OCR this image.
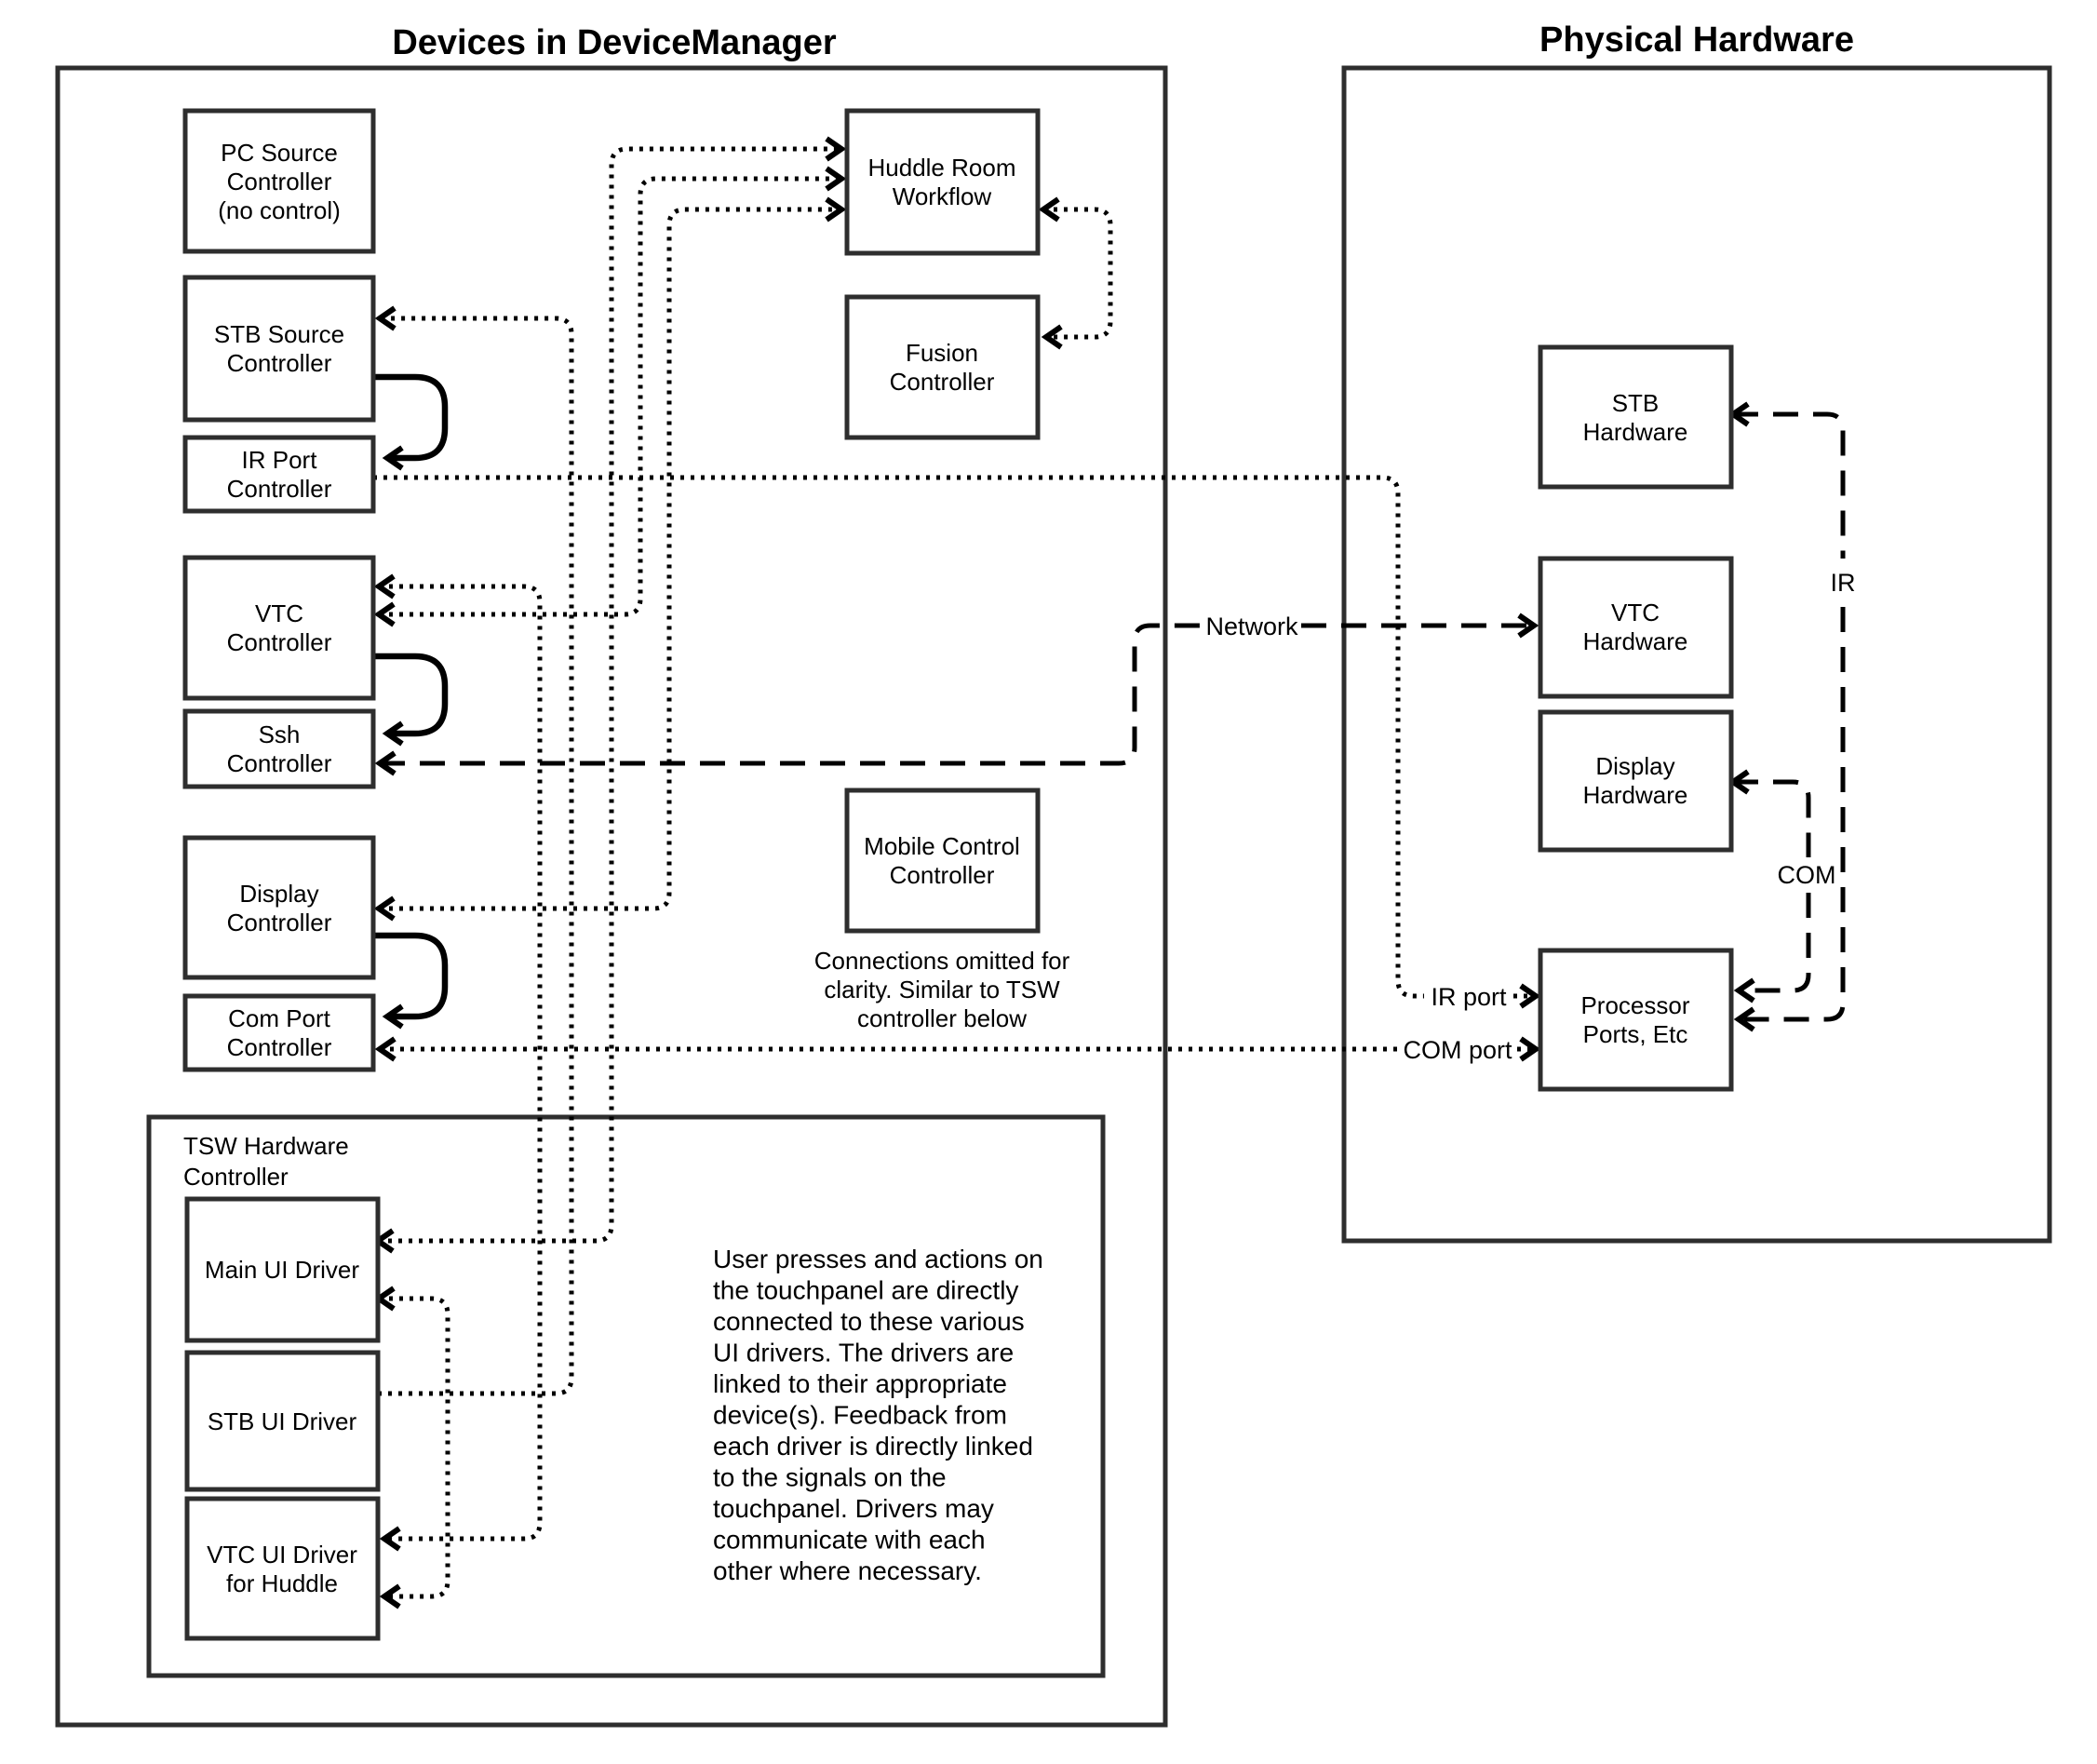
Devices in DeviceManager	Physical Hardware
TSW Hardware
Controller
Network
IR port
COM port
IR
COM
PC Source
Controller
(no control)
STB Source
Controller
IR Port
Controller
VTC
Controller
Ssh
Controller
Display
Controller
Com Port
Controller
Huddle Room
Workflow
Fusion
Controller
Mobile Control
Controller
Connections omitted for
clarity. Similar to TSW
controller below
Main UI Driver
STB UI Driver
VTC UI Driver
for Huddle
User presses and actions on
the touchpanel are directly
connected to these various
UI drivers. The drivers are
linked to their appropriate
device(s). Feedback from
each driver is directly linked
to the signals on the
touchpanel. Drivers may
communicate with each
other where necessary.
STB
Hardware
VTC
Hardware
Display
Hardware
Processor
Ports, Etc
